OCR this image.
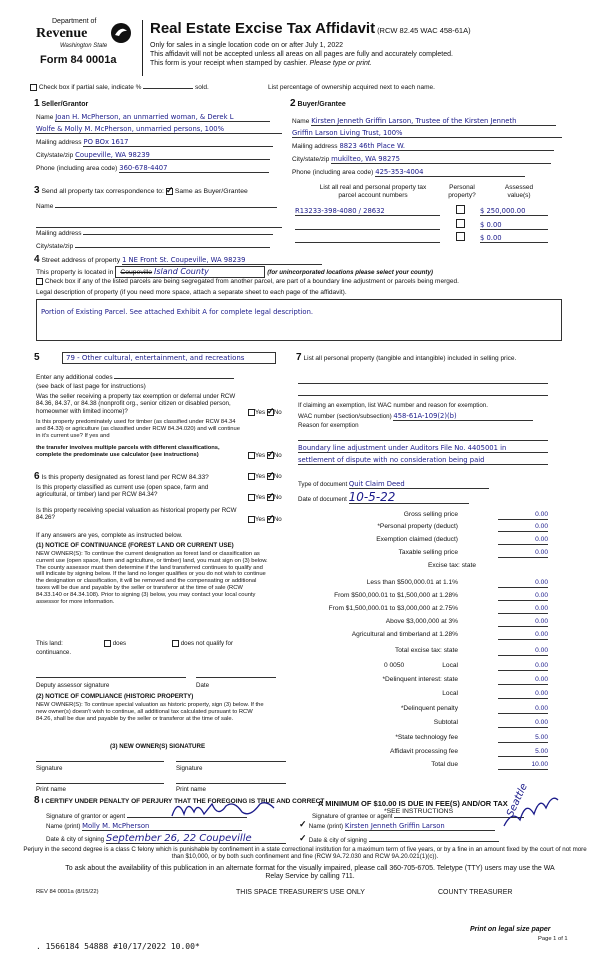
Department of
Revenue
Washington State
Form 84 0001a
Real Estate Excise Tax Affidavit (RCW 82.45 WAC 458-61A)
Only for sales in a single location code on or after July 1, 2022
This affidavit will not be accepted unless all areas on all pages are fully and accurately completed.
This form is your receipt when stamped by cashier. Please type or print.
Check box if partial sale, indicate %	sold.	List percentage of ownership acquired next to each name.
1 Seller/Grantor
Name Joan H. McPherson, an unmarried woman, & Derek L
Wolfe & Molly M. McPherson, unmarried persons, 100%
Mailing address PO BOx 1617
City/state/zip Coupeville, WA 98239
Phone (including area code) 360-678-4407
2 Buyer/Grantee
Name Kirsten Jenneth Griffin Larson, Trustee of the Kirsten Jenneth
Griffin Larson Living Trust, 100%
Mailing address 8823 46th Place W.
City/state/zip mukilteo, WA 98275
Phone (including area code) 425-353-4004
3 Send all property tax correspondence to: ✓ Same as Buyer/Grantee
Name
Mailing address
City/state/zip
List all real and personal property tax
parcel account numbers
Personal
property?
Assessed
value(s)
R13233-398-4080 / 28632	$ 250,000.00
$ 0.00
$ 0.00
4 Street address of property 1 NE Front St. Coupeville, WA 98239
This property is located in Coupeville Island County	(for unincorporated locations please select your county)
Check box if any of the listed parcels are being segregated from another parcel, are part of a boundary line adjustment or parcels being merged.
Legal description of property (if you need more space, attach a separate sheet to each page of the affidavit).
Portion of Existing Parcel. See attached Exhibit A for complete legal description.
5	79 - Other cultural, entertainment, and recreations
Enter any additional codes
(see back of last page for instructions)
Was the seller receiving a property tax exemption or deferral under RCW 84.36, 84.37, or 84.38 (nonprofit org., senior citizen or disabled person, homeowner with limited income)?	Yes ✓ No
Is this property predominately used for timber (as classified under RCW 84.34 and 84.33) or agriculture (as classified under RCW 84.34.020) and will continue in it's current use? If yes and
the transfer involves multiple parcels with different classifications, complete the predominate use calculator (see instructions)	Yes ✓ No
6 Is this property designated as forest land per RCW 84.33?	Yes ✓ No
Is this property classified as current use (open space, farm and agricultural, or timber) land per RCW 84.34?	Yes ✓ No
Is this property receiving special valuation as historical property per RCW 84.26?	Yes ✓ No
If any answers are yes, complete as instructed below.
(1) NOTICE OF CONTINUANCE (FOREST LAND OR CURRENT USE)
NEW OWNER(S): To continue the current designation as forest land or classification as current use (open space, farm and agriculture, or timber) land, you must sign on (3) below. The county assessor must then determine if the land transferred continues to qualify and will indicate by signing below. If the land no longer qualifies or you do not wish to continue the designation or classification, it will be removed and the compensating or additional taxes will be due and payable by the seller or transferor at the time of sale (RCW 84.33.140 or 84.34.108). Prior to signing (3) below, you may contact your local county assessor for more information.
This land:	does	does not qualify for
continuance.
Deputy assessor signature	Date
(2) NOTICE OF COMPLIANCE (HISTORIC PROPERTY)
NEW OWNER(S): To continue special valuation as historic property, sign (3) below. If the new owner(s) doesn't wish to continue, all additional tax calculated pursuant to RCW 84.26, shall be due and payable by the seller or transferor at the time of sale.
(3) NEW OWNER(S) SIGNATURE
Signature	Signature
Print name	Print name
7 List all personal property (tangible and intangible) included in selling price.
If claiming an exemption, list WAC number and reason for exemption.
WAC number (section/subsection) 458-61A-109(2)(b)
Reason for exemption
Boundary line adjustment under Auditors File No. 4405001 in
settlement of dispute with no consideration being paid
Type of document Quit Claim Deed
Date of document 10-5-22
Gross selling price	0.00
*Personal property (deduct)	0.00
Exemption claimed (deduct)	0.00
Taxable selling price	0.00
Excise tax: state
Less than $500,000.01 at 1.1%	0.00
From $500,000.01 to $1,500,000 at 1.28%	0.00
From $1,500,000.01 to $3,000,000 at 2.75%	0.00
Above $3,000,000 at 3%	0.00
Agricultural and timberland at 1.28%	0.00
Total excise tax: state	0.00
Local
0 0050	0.00
*Delinquent interest: state	0.00
Local	0.00
*Delinquent penalty	0.00
Subtotal	0.00
*State technology fee	5.00
Affidavit processing fee	5.00
Total due	10.00
A MINIMUM OF $10.00 IS DUE IN FEE(S) AND/OR TAX
*SEE INSTRUCTIONS
8 I CERTIFY UNDER PENALTY OF PERJURY THAT THE FOREGOING IS TRUE AND CORRECT
Signature of grantor or agent
Name (print) Molly M. McPherson
Date & city of signing September 26, 22 Coupeville
Signature of grantee or agent
✓ Name (print) Kirsten Jenneth Griffin Larson
✓ Date & city of signing
Seattle
Perjury in the second degree is a class C felony which is punishable by confinement in a state correctional institution for a maximum term of five years, or by a fine in an amount fixed by the court of not more than $10,000, or by both such confinement and fine (RCW 9A.72.030 and RCW 9A.20.021(1)(c)).
To ask about the availability of this publication in an alternate format for the visually impaired, please call 360-705-6705. Teletype (TTY) users may use the WA Relay Service by calling 711.
REV 84 0001a (8/15/22)	THIS SPACE TREASURER'S USE ONLY	COUNTY TREASURER
Print on legal size paper
Page 1 of 1
. 1566184 54888 #10/17/2022 10.00*
